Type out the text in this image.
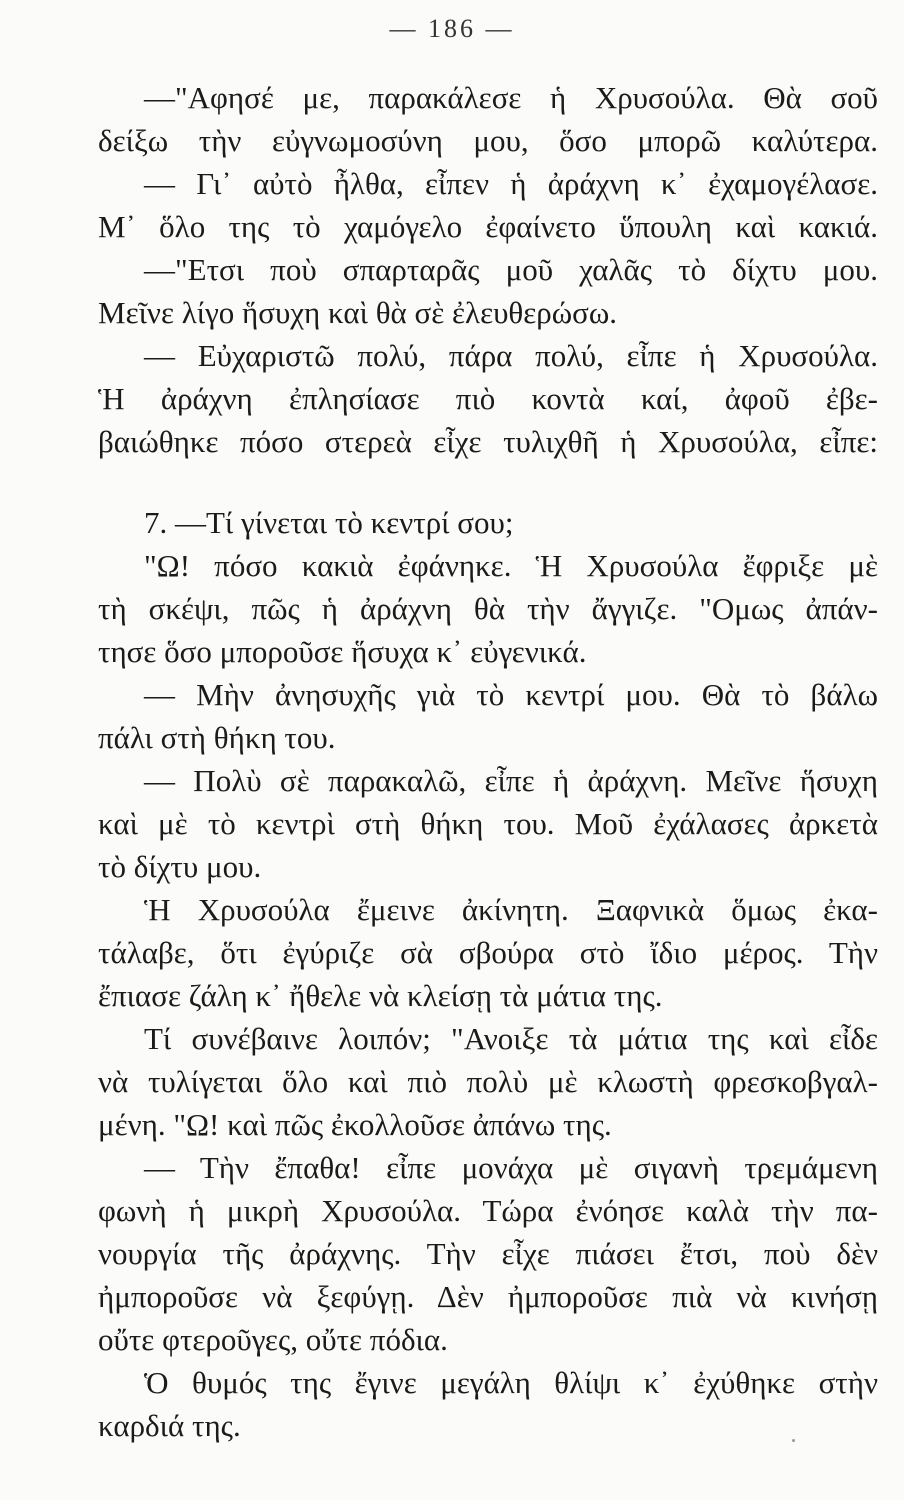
— 186 —
—"Αφησέ με, παρακάλεσε ἡ Χρυσούλα. Θὰ σοῦ
δείξω τὴν εὐγνωμοσύνη μου, ὅσο μπορῶ καλύτερα.
— Γι᾿ αὐτὸ ἦλθα, εἶπεν ἡ ἀράχνη κ᾿ ἐχαμογέλασε.
Μ᾿ ὅλο της τὸ χαμόγελο ἐφαίνετο ὕπουλη καὶ κακιά.
—"Ετσι ποὺ σπαρταρᾶς μοῦ χαλᾶς τὸ δίχτυ μου.
Μεῖνε λίγο ἥσυχη καὶ θὰ σὲ ἐλευθερώσω.
— Εὐχαριστῶ πολύ, πάρα πολύ, εἶπε ἡ Χρυσούλα.
Ἡ ἀράχνη ἐπλησίασε πιὸ κοντὰ καί, ἀφοῦ ἐβε-
βαιώθηκε πόσο στερεὰ εἶχε τυλιχθῆ ἡ Χρυσούλα, εἶπε:
7. —Τί γίνεται τὸ κεντρί σου;
"Ω! πόσο κακιὰ ἐφάνηκε. Ἡ Χρυσούλα ἔφριξε μὲ
τὴ σκέψι, πῶς ἡ ἀράχνη θὰ τὴν ἄγγιζε. "Ομως ἀπάν-
τησε ὅσο μποροῦσε ἥσυχα κ᾿ εὐγενικά.
— Μὴν ἀνησυχῆς γιὰ τὸ κεντρί μου. Θὰ τὸ βάλω
πάλι στὴ θήκη του.
— Πολὺ σὲ παρακαλῶ, εἶπε ἡ ἀράχνη. Μεῖνε ἥσυχη
καὶ μὲ τὸ κεντρὶ στὴ θήκη του. Μοῦ ἐχάλασες ἀρκετὰ
τὸ δίχτυ μου.
Ἡ Χρυσούλα ἔμεινε ἀκίνητη. Ξαφνικὰ ὅμως ἐκα-
τάλαβε, ὅτι ἐγύριζε σὰ σβούρα στὸ ἴδιο μέρος. Τὴν
ἔπιασε ζάλη κ᾿ ἤθελε νὰ κλείσῃ τὰ μάτια της.
Τί συνέβαινε λοιπόν; "Ανοιξε τὰ μάτια της καὶ εἶδε
νὰ τυλίγεται ὅλο καὶ πιὸ πολὺ μὲ κλωστὴ φρεσκοβγαλ-
μένη. "Ω! καὶ πῶς ἐκολλοῦσε ἀπάνω της.
— Τὴν ἔπαθα! εἶπε μονάχα μὲ σιγανὴ τρεμάμενη
φωνὴ ἡ μικρὴ Χρυσούλα. Τώρα ἐνόησε καλὰ τὴν πα-
νουργία τῆς ἀράχνης. Τὴν εἶχε πιάσει ἔτσι, ποὺ δὲν
ἠμποροῦσε νὰ ξεφύγῃ. Δὲν ἠμποροῦσε πιὰ νὰ κινήσῃ
οὔτε φτεροῦγες, οὔτε πόδια.
Ὁ θυμός της ἔγινε μεγάλη θλίψι κ᾿ ἐχύθηκε στὴν
καρδιά της.
